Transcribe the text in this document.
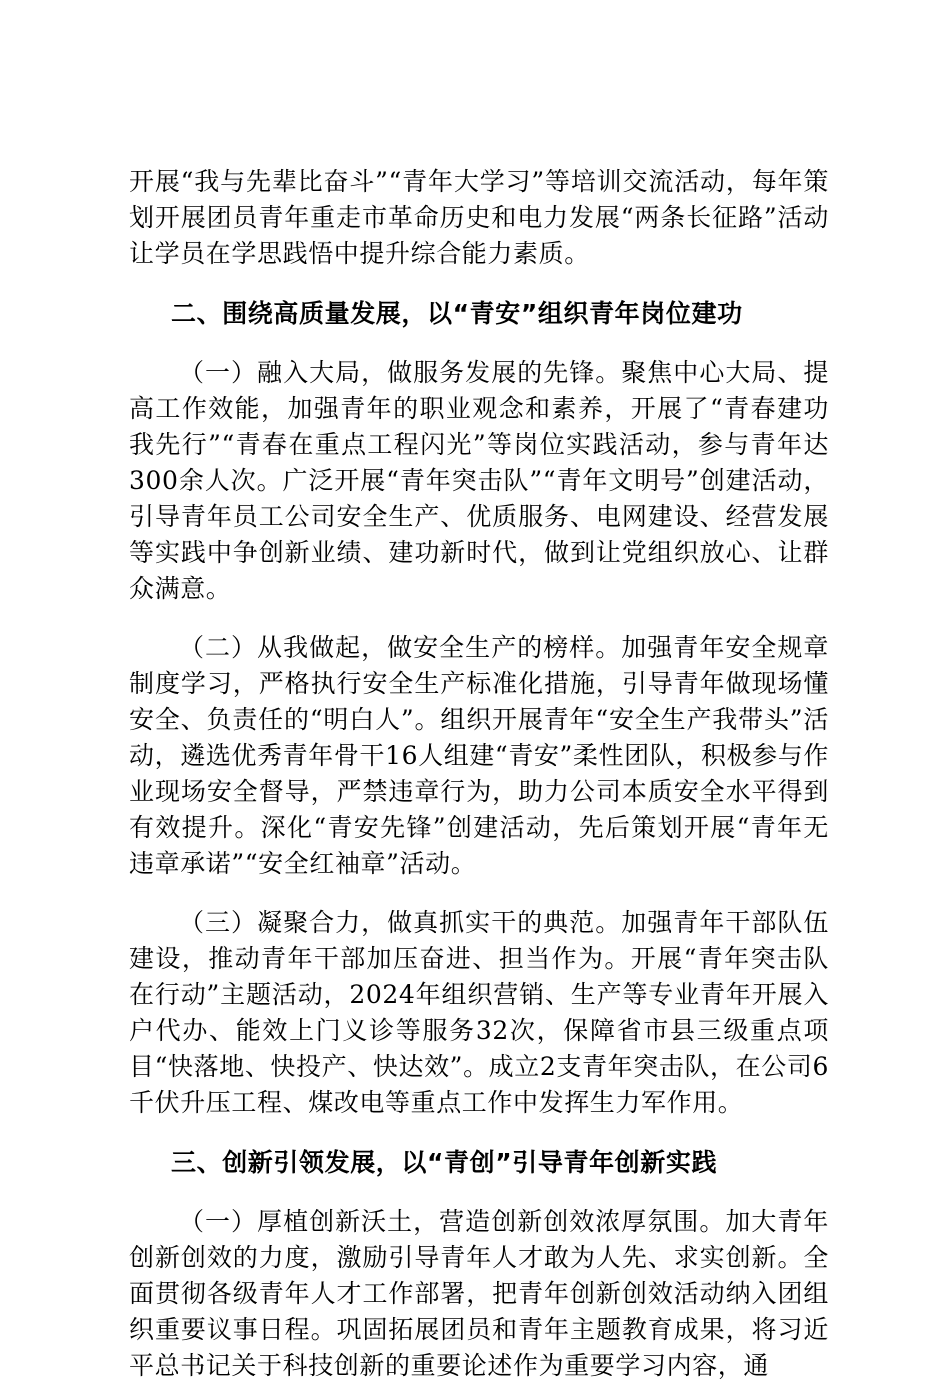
开展“我与先辈比奋斗”“青年大学习”等培训交流活动，每年策划开展团员青年重走市革命历史和电力发展“两条长征路”活动让学员在学思践悟中提升综合能力素质。

二、围绕高质量发展，以“青安”组织青年岗位建功

（一）融入大局，做服务发展的先锋。聚焦中心大局、提高工作效能，加强青年的职业观念和素养，开展了“青春建功我先行”“青春在重点工程闪光”等岗位实践活动，参与青年达300余人次。广泛开展“青年突击队”“青年文明号”创建活动，引导青年员工公司安全生产、优质服务、电网建设、经营发展等实践中争创新业绩、建功新时代，做到让党组织放心、让群众满意。

（二）从我做起，做安全生产的榜样。加强青年安全规章制度学习，严格执行安全生产标准化措施，引导青年做现场懂安全、负责任的“明白人”。组织开展青年“安全生产我带头”活动，遴选优秀青年骨干16人组建“青安”柔性团队，积极参与作业现场安全督导，严禁违章行为，助力公司本质安全水平得到有效提升。深化“青安先锋”创建活动，先后策划开展“青年无违章承诺”“安全红袖章”活动。

（三）凝聚合力，做真抓实干的典范。加强青年干部队伍建设，推动青年干部加压奋进、担当作为。开展“青年突击队在行动”主题活动，2024年组织营销、生产等专业青年开展入户代办、能效上门义诊等服务32次，保障省市县三级重点项目“快落地、快投产、快达效”。成立2支青年突击队，在公司6千伏升压工程、煤改电等重点工作中发挥生力军作用。

三、创新引领发展，以“青创”引导青年创新实践

（一）厚植创新沃土，营造创新创效浓厚氛围。加大青年创新创效的力度，激励引导青年人才敢为人先、求实创新。全面贯彻各级青年人才工作部署，把青年创新创效活动纳入团组织重要议事日程。巩固拓展团员和青年主题教育成果，将习近平总书记关于科技创新的重要论述作为重要学习内容，通
